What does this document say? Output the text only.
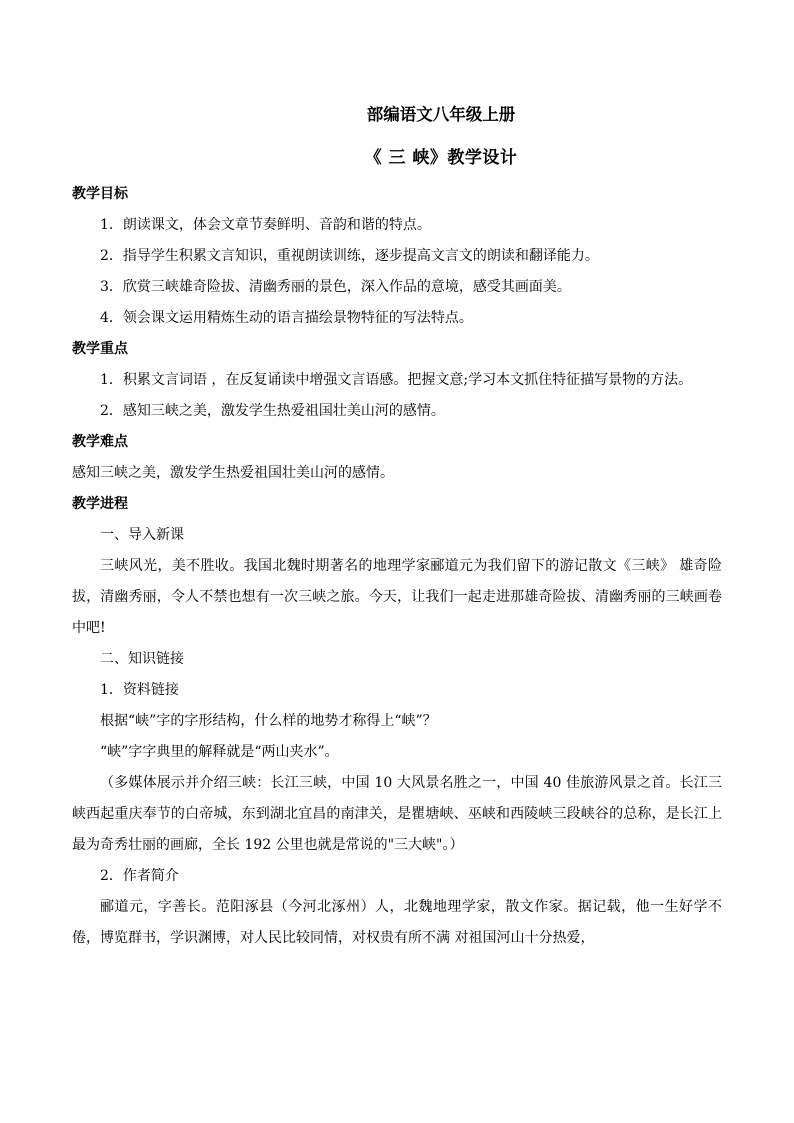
部编语文八年级上册

《 三 峡》教学设计

教学目标

1．朗读课文，体会文章节奏鲜明、音韵和谐的特点。

2．指导学生积累文言知识，重视朗读训练，逐步提高文言文的朗读和翻译能力。

3．欣赏三峡雄奇险拔、清幽秀丽的景色，深入作品的意境，感受其画面美。

4．领会课文运用精炼生动的语言描绘景物特征的写法特点。

教学重点

1．积累文言词语 ，在反复诵读中增强文言语感。把握文意;学习本文抓住特征描写景物的方法。

2．感知三峡之美，激发学生热爱祖国壮美山河的感情。

教学难点

感知三峡之美，激发学生热爱祖国壮美山河的感情。

教学进程

一、导入新课

三峡风光，美不胜收。我国北魏时期著名的地理学家郦道元为我们留下的游记散文《三峡》 雄奇险拔，清幽秀丽，令人不禁也想有一次三峡之旅。今天，让我们一起走进那雄奇险拔、清幽秀丽的三峡画卷中吧!

二、知识链接

1．资料链接

根据“峡”字的字形结构，什么样的地势才称得上“峡”？

“峡”字字典里的解释就是“两山夹水”。

（多媒体展示并介绍三峡：长江三峡，中国 10 大风景名胜之一，中国 40 佳旅游风景之首。长江三峡西起重庆奉节的白帝城，东到湖北宜昌的南津关，是瞿塘峡、巫峡和西陵峡三段峡谷的总称，是长江上最为奇秀壮丽的画廊，全长 192 公里也就是常说的"三大峡"。）

2．作者简介

郦道元，字善长。范阳涿县（今河北涿州）人，北魏地理学家，散文作家。据记载，他一生好学不倦，博览群书，学识渊博，对人民比较同情，对权贵有所不满 对祖国河山十分热爱，
